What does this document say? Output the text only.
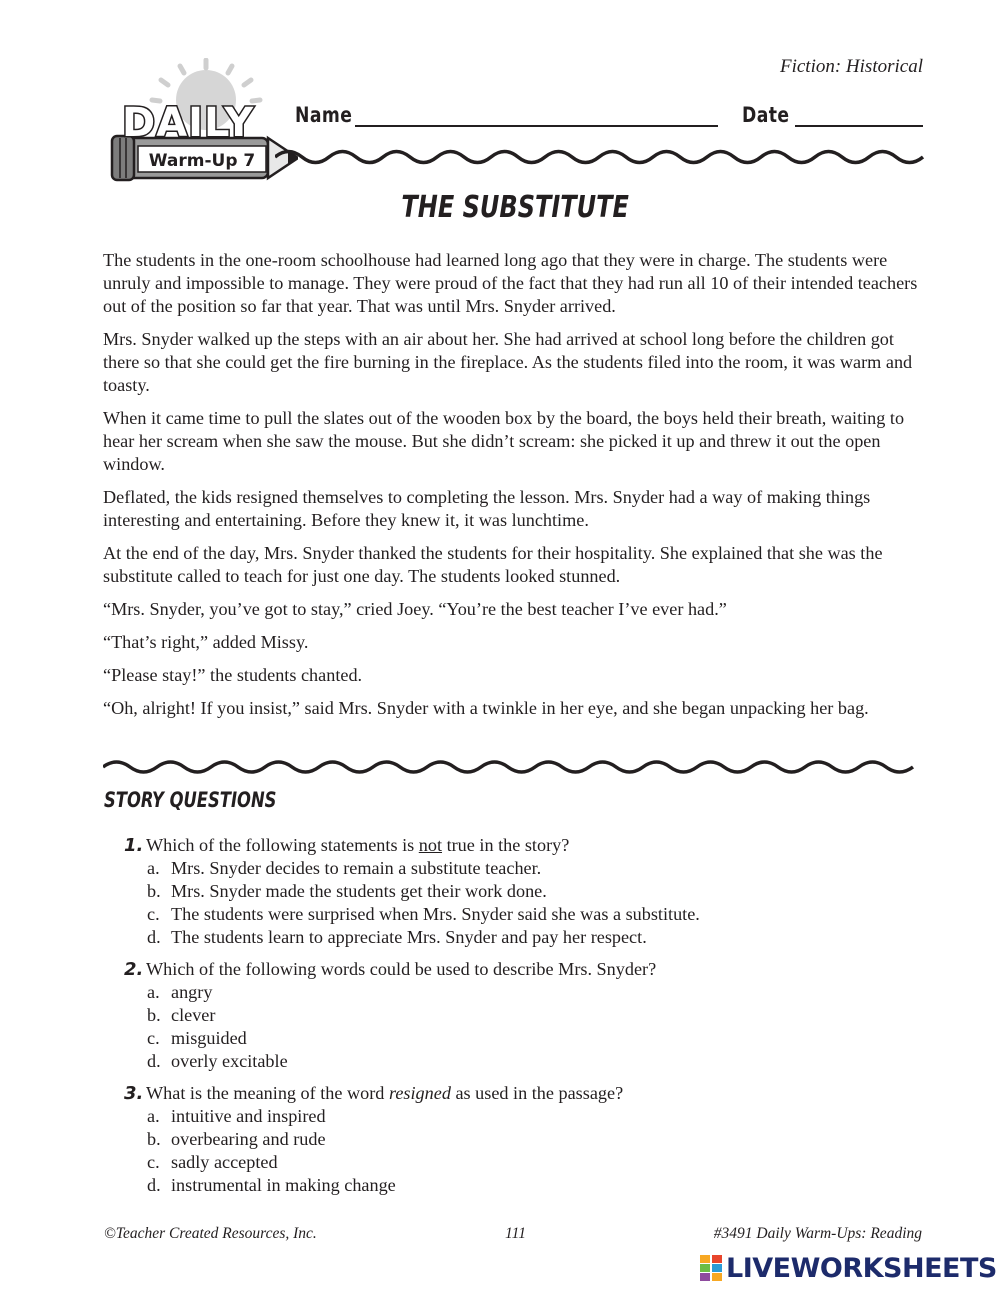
Fiction: Historical
DAILY
Warm-Up 7
Name	Date
THE SUBSTITUTE

The students in the one-room schoolhouse had learned long ago that they were in charge. The students were unruly and impossible to manage. They were proud of the fact that they had run all 10 of their intended teachers out of the position so far that year. That was until Mrs. Snyder arrived.

Mrs. Snyder walked up the steps with an air about her. She had arrived at school long before the children got there so that she could get the fire burning in the fireplace. As the students filed into the room, it was warm and toasty.

When it came time to pull the slates out of the wooden box by the board, the boys held their breath, waiting to hear her scream when she saw the mouse. But she didn’t scream: she picked it up and threw it out the open window.

Deflated, the kids resigned themselves to completing the lesson. Mrs. Snyder had a way of making things interesting and entertaining. Before they knew it, it was lunchtime.

At the end of the day, Mrs. Snyder thanked the students for their hospitality. She explained that she was the substitute called to teach for just one day. The students looked stunned.

“Mrs. Snyder, you’ve got to stay,” cried Joey. “You’re the best teacher I’ve ever had.”

“That’s right,” added Missy.

“Please stay!” the students chanted.

“Oh, alright! If you insist,” said Mrs. Snyder with a twinkle in her eye, and she began unpacking her bag.

STORY QUESTIONS
1. Which of the following statements is not true in the story?
a. Mrs. Snyder decides to remain a substitute teacher.
b. Mrs. Snyder made the students get their work done.
c. The students were surprised when Mrs. Snyder said she was a substitute.
d. The students learn to appreciate Mrs. Snyder and pay her respect.
2. Which of the following words could be used to describe Mrs. Snyder?
a. angry
b. clever
c. misguided
d. overly excitable
3. What is the meaning of the word resigned as used in the passage?
a. intuitive and inspired
b. overbearing and rude
c. sadly accepted
d. instrumental in making change
©Teacher Created Resources, Inc.	111	#3491 Daily Warm-Ups: Reading
LIVEWORKSHEETS
